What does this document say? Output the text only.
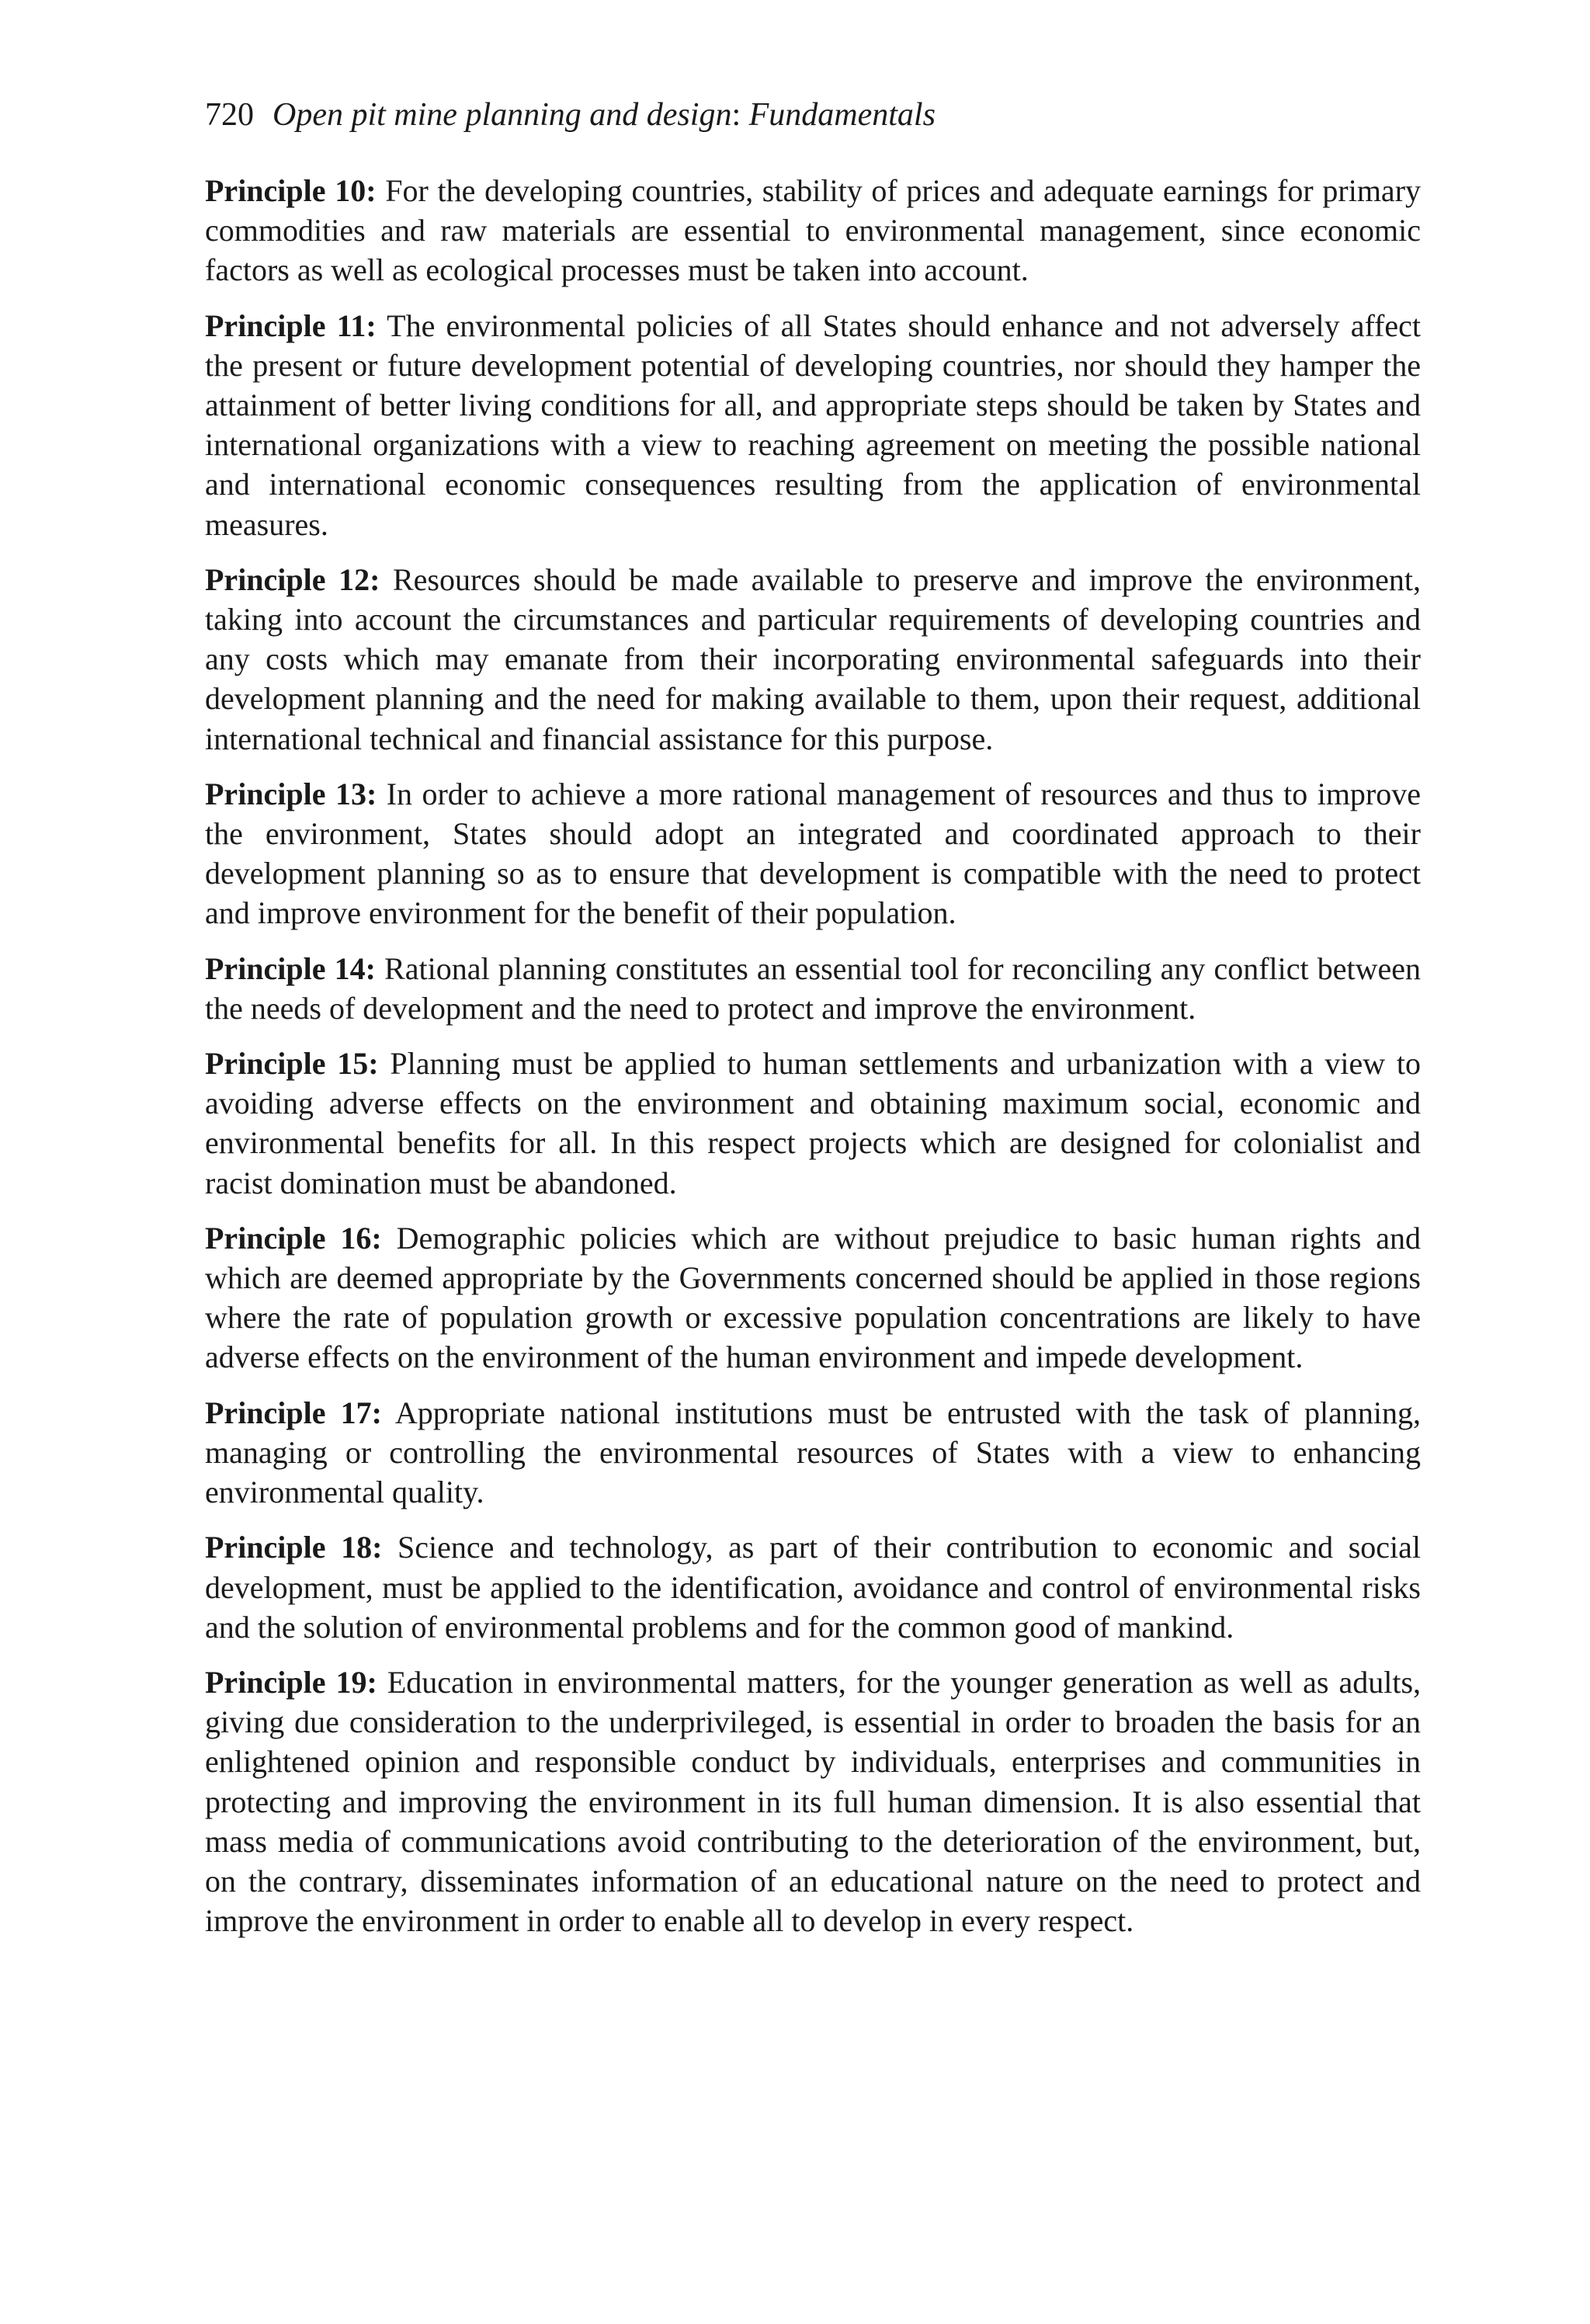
720 Open pit mine planning and design: Fundamentals

Principle 10: For the developing countries, stability of prices and adequate earnings for primary commodities and raw materials are essential to environmental management, since economic factors as well as ecological processes must be taken into account.

Principle 11: The environmental policies of all States should enhance and not adversely affect the present or future development potential of developing countries, nor should they hamper the attainment of better living conditions for all, and appropriate steps should be taken by States and international organizations with a view to reaching agreement on meeting the possible national and international economic consequences resulting from the application of environmental measures.

Principle 12: Resources should be made available to preserve and improve the environment, taking into account the circumstances and particular requirements of developing countries and any costs which may emanate from their incorporating environmental safeguards into their development planning and the need for making available to them, upon their request, additional international technical and financial assistance for this purpose.

Principle 13: In order to achieve a more rational management of resources and thus to improve the environment, States should adopt an integrated and coordinated approach to their development planning so as to ensure that development is compatible with the need to protect and improve environment for the benefit of their population.

Principle 14: Rational planning constitutes an essential tool for reconciling any conflict between the needs of development and the need to protect and improve the environment.

Principle 15: Planning must be applied to human settlements and urbanization with a view to avoiding adverse effects on the environment and obtaining maximum social, economic and environmental benefits for all. In this respect projects which are designed for colonialist and racist domination must be abandoned.

Principle 16: Demographic policies which are without prejudice to basic human rights and which are deemed appropriate by the Governments concerned should be applied in those regions where the rate of population growth or excessive population concentrations are likely to have adverse effects on the environment of the human environment and impede development.

Principle 17: Appropriate national institutions must be entrusted with the task of planning, managing or controlling the environmental resources of States with a view to enhancing environmental quality.

Principle 18: Science and technology, as part of their contribution to economic and social development, must be applied to the identification, avoidance and control of environmental risks and the solution of environmental problems and for the common good of mankind.

Principle 19: Education in environmental matters, for the younger generation as well as adults, giving due consideration to the underprivileged, is essential in order to broaden the basis for an enlightened opinion and responsible conduct by individuals, enterprises and communities in protecting and improving the environment in its full human dimension. It is also essential that mass media of communications avoid contributing to the deterioration of the environment, but, on the contrary, disseminates information of an educational nature on the need to protect and improve the environment in order to enable all to develop in every respect.
